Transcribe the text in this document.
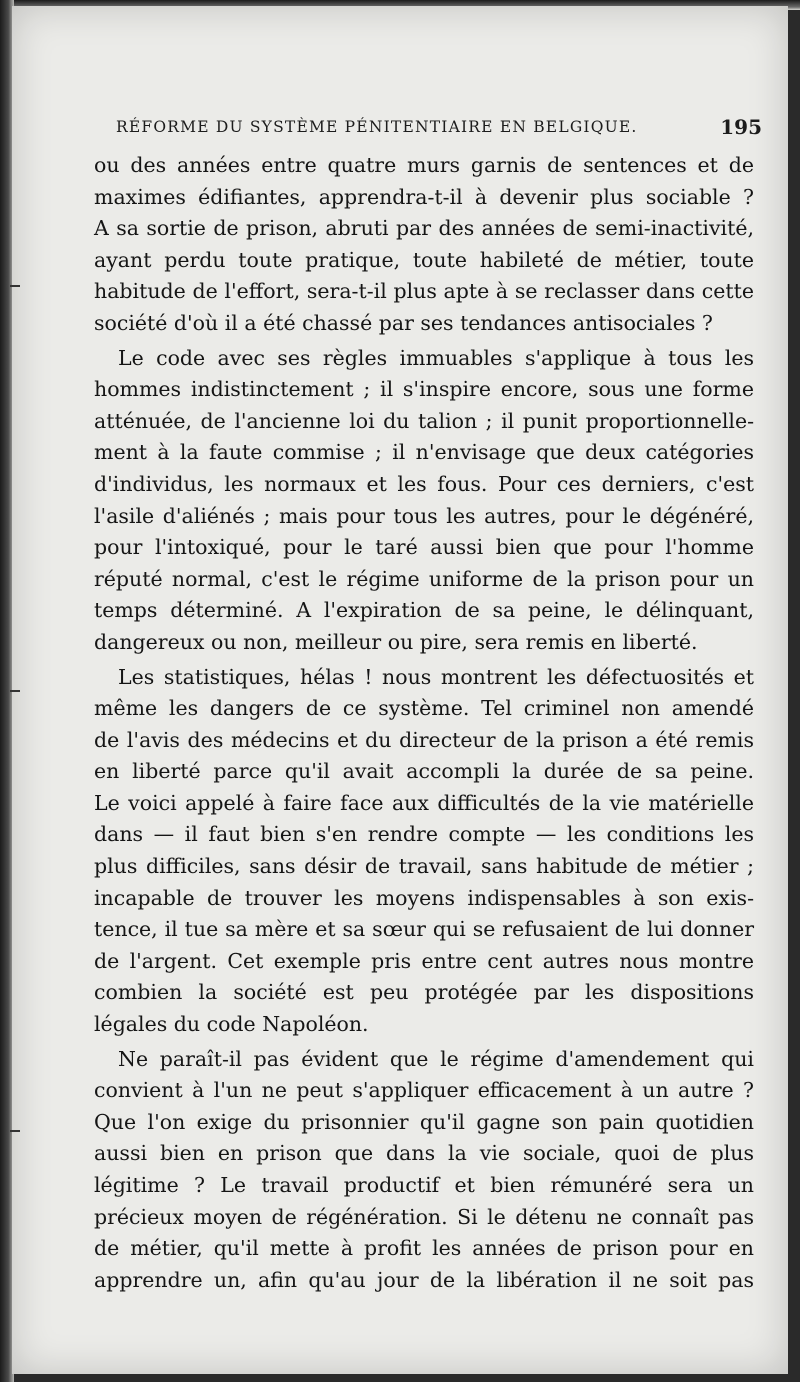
RÉFORME DU SYSTÈME PÉNITENTIAIRE EN BELGIQUE.	195
ou des années entre quatre murs garnis de sentences et de
maximes édifiantes, apprendra-t-il à devenir plus sociable ?
A sa sortie de prison, abruti par des années de semi-inactivité,
ayant perdu toute pratique, toute habileté de métier, toute
habitude de l'effort, sera-t-il plus apte à se reclasser dans cette
société d'où il a été chassé par ses tendances antisociales ?
Le code avec ses règles immuables s'applique à tous les
hommes indistinctement ; il s'inspire encore, sous une forme
atténuée, de l'ancienne loi du talion ; il punit proportionnelle-
ment à la faute commise ; il n'envisage que deux catégories
d'individus, les normaux et les fous. Pour ces derniers, c'est
l'asile d'aliénés ; mais pour tous les autres, pour le dégénéré,
pour l'intoxiqué, pour le taré aussi bien que pour l'homme
réputé normal, c'est le régime uniforme de la prison pour un
temps déterminé. A l'expiration de sa peine, le délinquant,
dangereux ou non, meilleur ou pire, sera remis en liberté.
Les statistiques, hélas ! nous montrent les défectuosités et
même les dangers de ce système. Tel criminel non amendé
de l'avis des médecins et du directeur de la prison a été remis
en liberté parce qu'il avait accompli la durée de sa peine.
Le voici appelé à faire face aux difficultés de la vie matérielle
dans — il faut bien s'en rendre compte — les conditions les
plus difficiles, sans désir de travail, sans habitude de métier ;
incapable de trouver les moyens indispensables à son exis-
tence, il tue sa mère et sa sœur qui se refusaient de lui donner
de l'argent. Cet exemple pris entre cent autres nous montre
combien la société est peu protégée par les dispositions
légales du code Napoléon.
Ne paraît-il pas évident que le régime d'amendement qui
convient à l'un ne peut s'appliquer efficacement à un autre ?
Que l'on exige du prisonnier qu'il gagne son pain quotidien
aussi bien en prison que dans la vie sociale, quoi de plus
légitime ? Le travail productif et bien rémunéré sera un
précieux moyen de régénération. Si le détenu ne connaît pas
de métier, qu'il mette à profit les années de prison pour en
apprendre un, afin qu'au jour de la libération il ne soit pas
